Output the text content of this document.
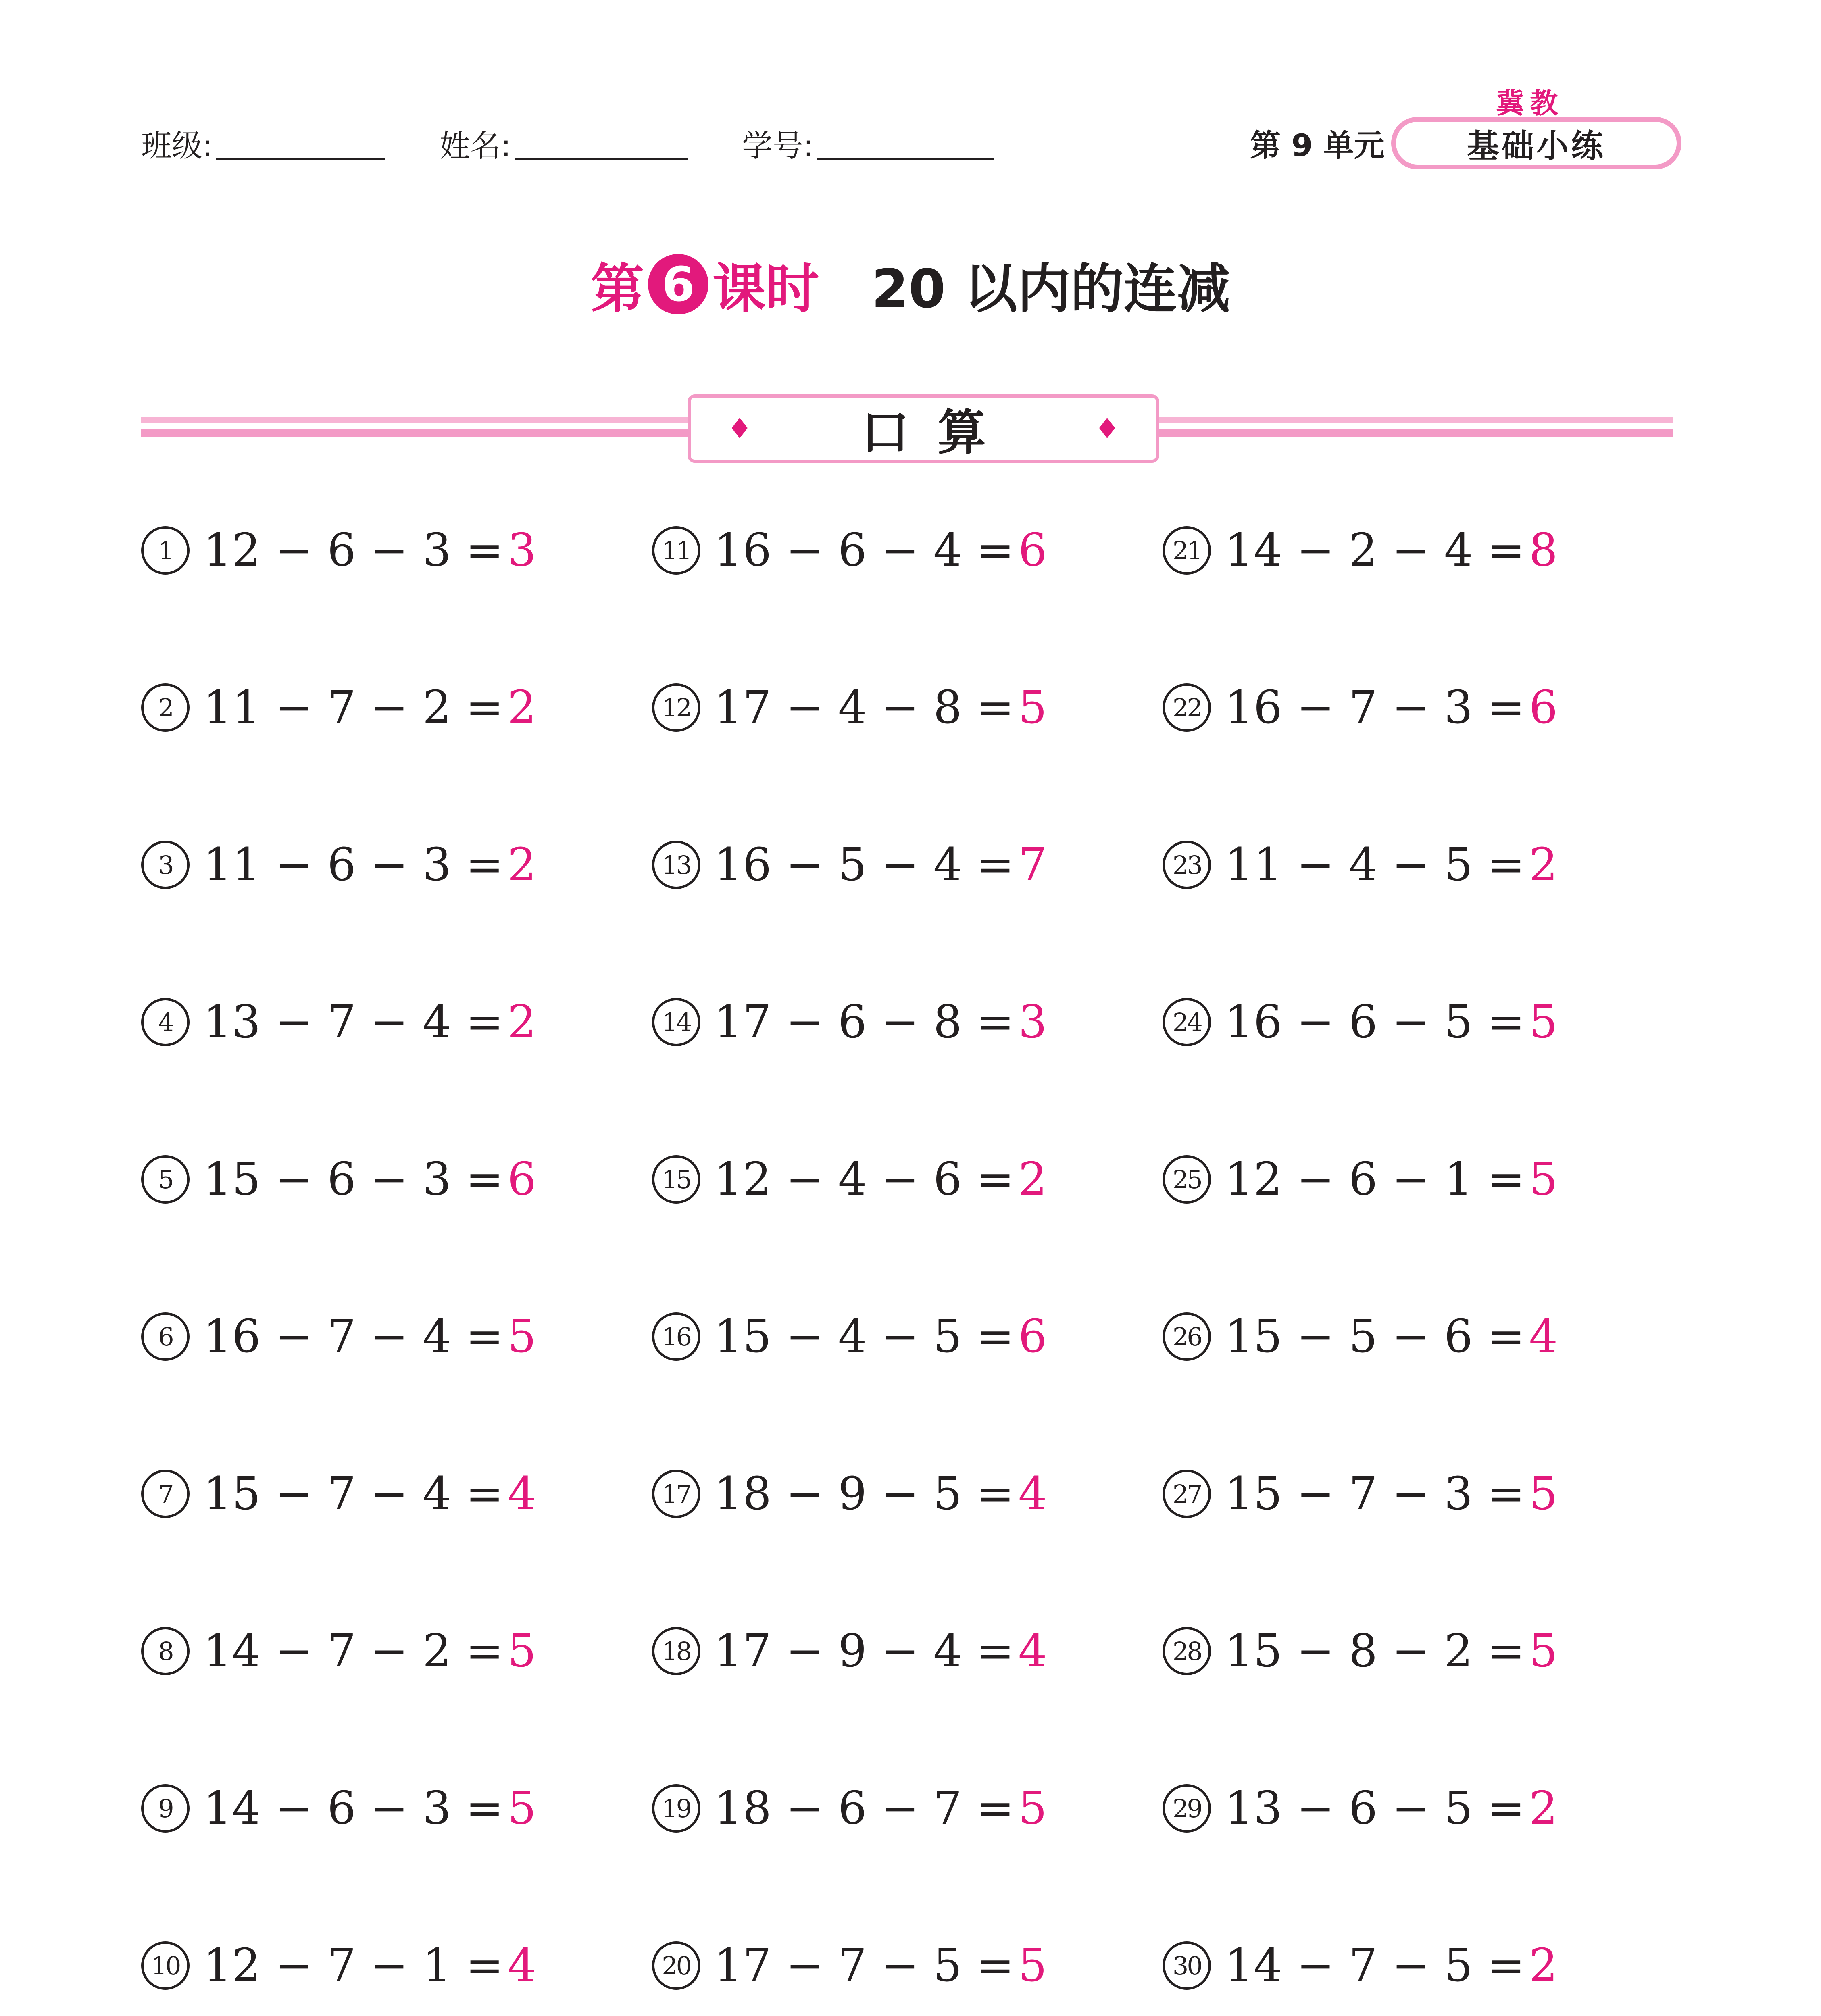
班级:	姓名:	学号:	第 9 单元
冀教
基础小练
第 6 课时 20 以内的连减
♦ 口算	♦
1 12 − 6 − 3 = 3	11 16 − 6 − 4 = 6	21 14 − 2 − 4 = 8
2 11 − 7 − 2 = 2	12 17 − 4 − 8 = 5	22 16 − 7 − 3 = 6
3 11 − 6 − 3 = 2	13 16 − 5 − 4 = 7	23 11 − 4 − 5 = 2
4 13 − 7 − 4 = 2	14 17 − 6 − 8 = 3	24 16 − 6 − 5 = 5
5 15 − 6 − 3 = 6	15 12 − 4 − 6 = 2	25 12 − 6 − 1 = 5
6 16 − 7 − 4 = 5	16 15 − 4 − 5 = 6	26 15 − 5 − 6 = 4
7 15 − 7 − 4 = 4	17 18 − 9 − 5 = 4	27 15 − 7 − 3 = 5
8 14 − 7 − 2 = 5	18 17 − 9 − 4 = 4	28 15 − 8 − 2 = 5
9 14 − 6 − 3 = 5	19 18 − 6 − 7 = 5	29 13 − 6 − 5 = 2
10 12 − 7 − 1 = 4	20 17 − 7 − 5 = 5	30 14 − 7 − 5 = 2
